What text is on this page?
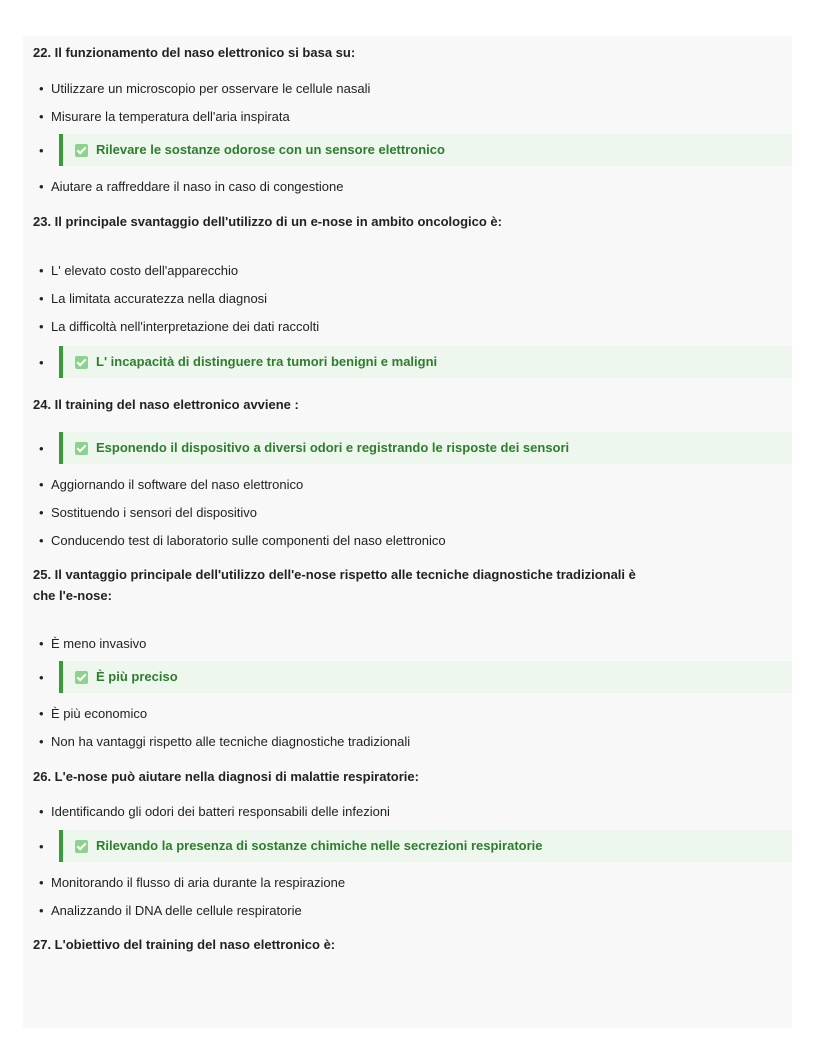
22. Il funzionamento del naso elettronico si basa su:

• Utilizzare un microscopio per osservare le cellule nasali
• Misurare la temperatura dell'aria inspirata
•	Rilevare le sostanze odorose con un sensore elettronico
• Aiutare a raffreddare il naso in caso di congestione

23. Il principale svantaggio dell'utilizzo di un e-nose in ambito oncologico è:

• L' elevato costo dell'apparecchio
• La limitata accuratezza nella diagnosi
• La difficoltà nell'interpretazione dei dati raccolti
•	L' incapacità di distinguere tra tumori benigni e maligni

24. Il training del naso elettronico avviene :

•	Esponendo il dispositivo a diversi odori e registrando le risposte dei sensori
• Aggiornando il software del naso elettronico
• Sostituendo i sensori del dispositivo
• Conducendo test di laboratorio sulle componenti del naso elettronico

25. Il vantaggio principale dell'utilizzo dell'e-nose rispetto alle tecniche diagnostiche tradizionali è

che l'e-nose:

• È meno invasivo
•	È più preciso
• È più economico
• Non ha vantaggi rispetto alle tecniche diagnostiche tradizionali

26. L'e-nose può aiutare nella diagnosi di malattie respiratorie:

• Identificando gli odori dei batteri responsabili delle infezioni
•	Rilevando la presenza di sostanze chimiche nelle secrezioni respiratorie
• Monitorando il flusso di aria durante la respirazione
• Analizzando il DNA delle cellule respiratorie

27. L'obiettivo del training del naso elettronico è:
